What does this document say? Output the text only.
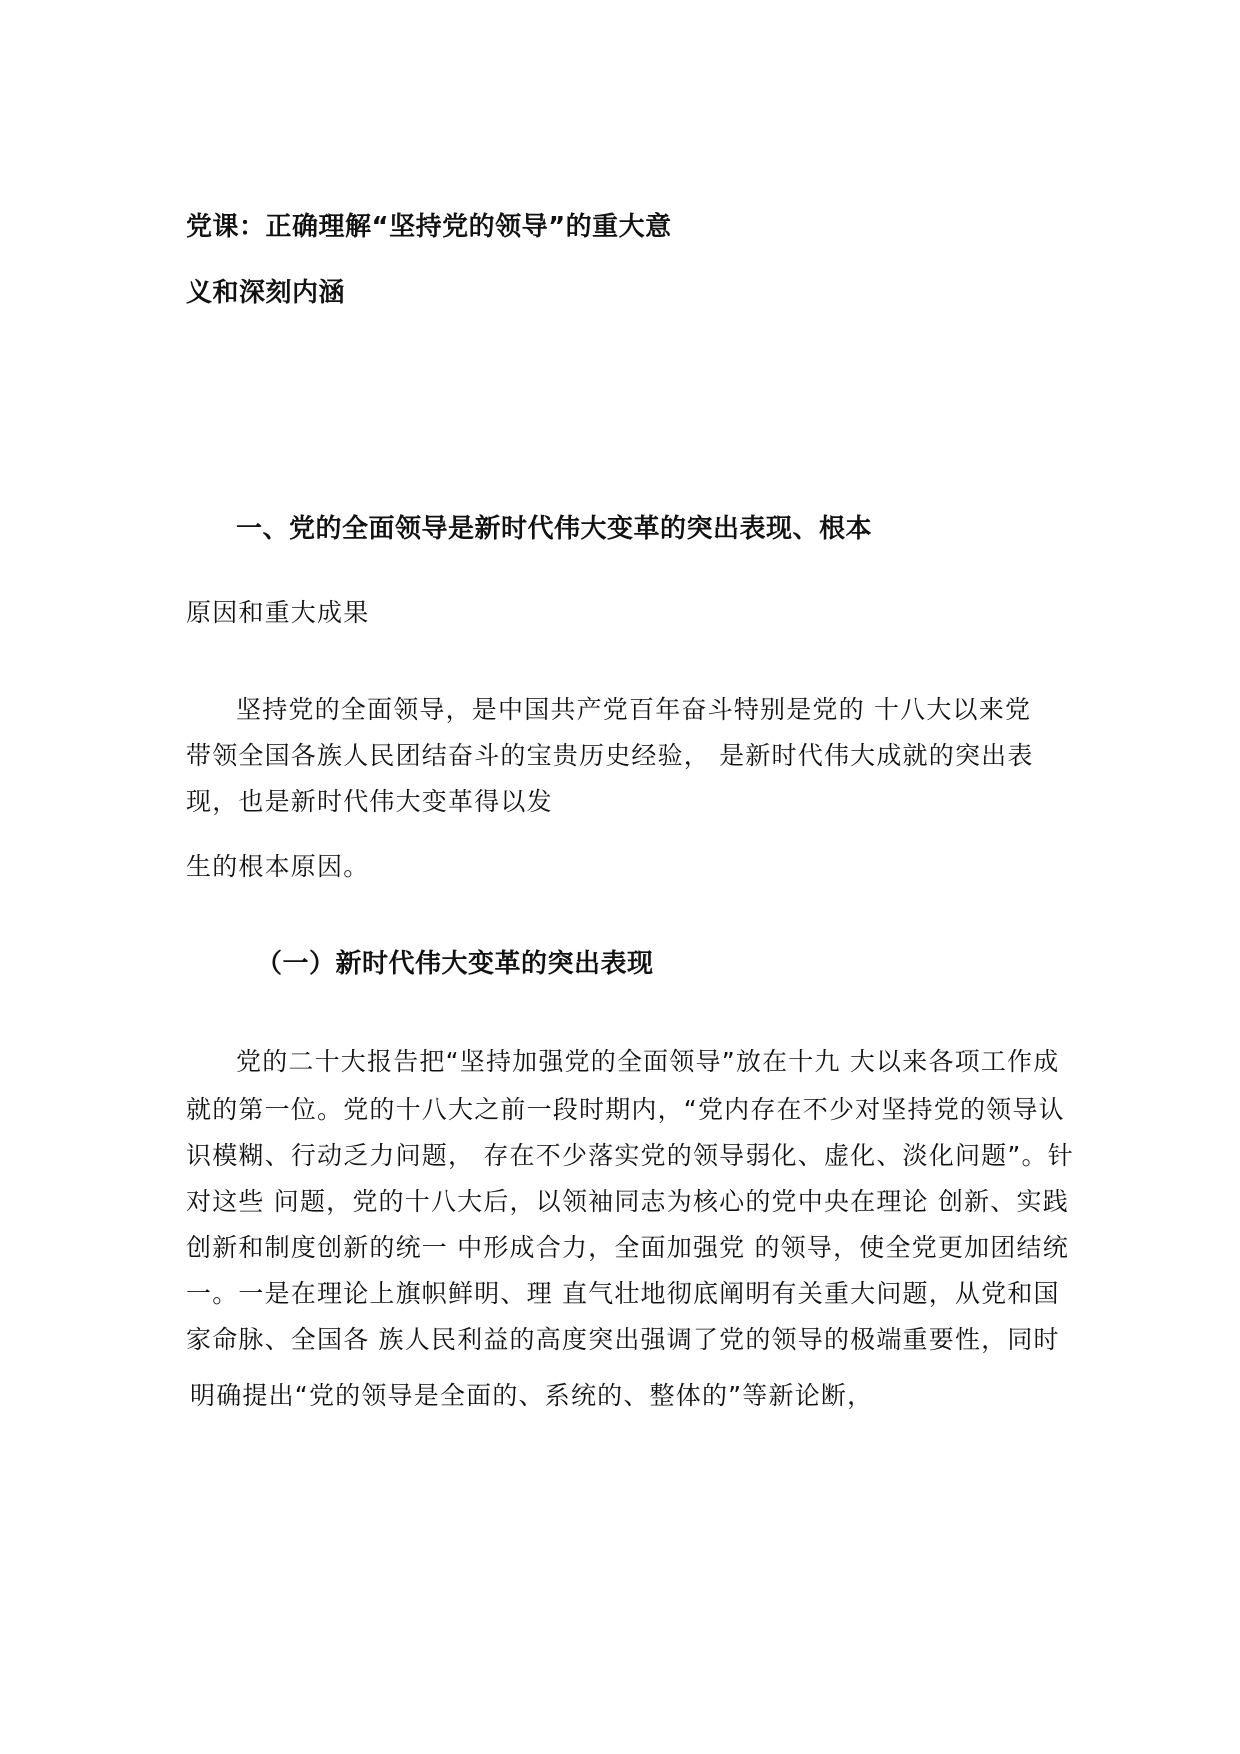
党课：正确理解“坚持党的领导”的重大意
义和深刻内涵
一、党的全面领导是新时代伟大变革的突出表现、根本
原因和重大成果
坚持党的全面领导，是中国共产党百年奋斗特别是党的 十八大以来党
带领全国各族人民团结奋斗的宝贵历史经验， 是新时代伟大成就的突出表
现，也是新时代伟大变革得以发
生的根本原因。
（一）新时代伟大变革的突出表现
党的二十大报告把“坚持加强党的全面领导”放在十九 大以来各项工作成
就的第一位。党的十八大之前一段时期内，“党内存在不少对坚持党的领导认
识模糊、行动乏力问题， 存在不少落实党的领导弱化、虚化、淡化问题”。针
对这些 问题，党的十八大后，以领袖同志为核心的党中央在理论 创新、实践
创新和制度创新的统一 中形成合力，全面加强党 的领导，使全党更加团结统
一。一是在理论上旗帜鲜明、理 直气壮地彻底阐明有关重大问题，从党和国
家命脉、全国各 族人民利益的高度突出强调了党的领导的极端重要性，同时
明确提出“党的领导是全面的、系统的、整体的”等新论断，
